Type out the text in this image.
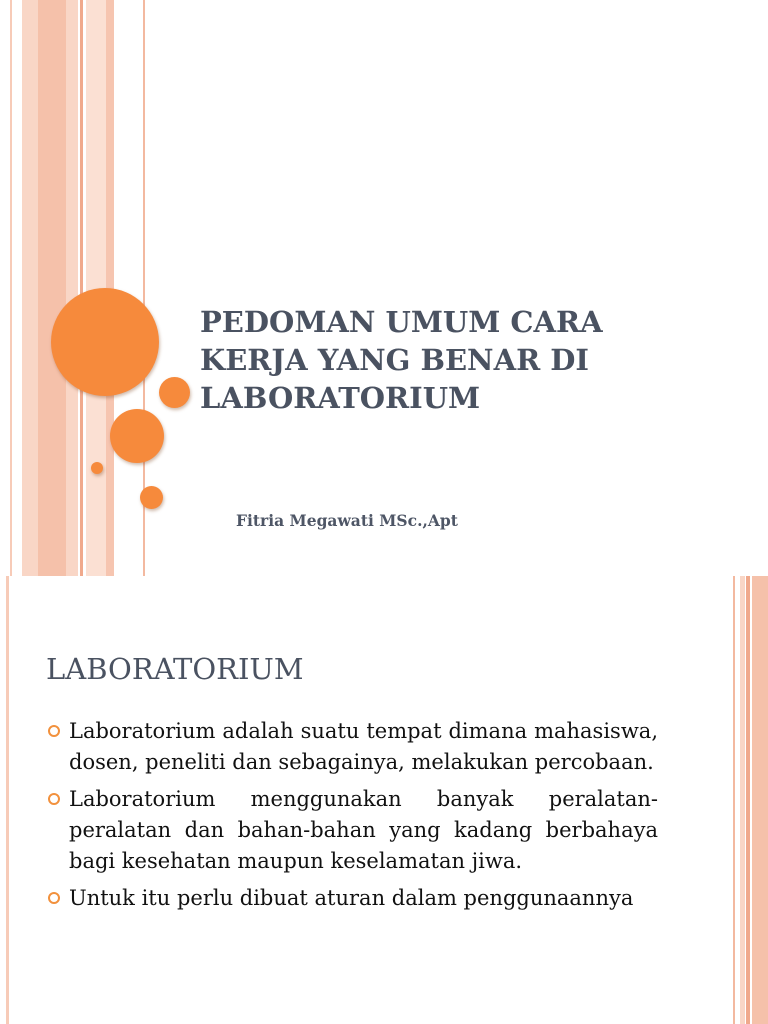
PEDOMAN UMUM CARA KERJA YANG BENAR DI LABORATORIUM
Fitria Megawati MSc.,Apt
LABORATORIUM
Laboratorium adalah suatu tempat dimana mahasiswa, dosen, peneliti dan sebagainya, melakukan percobaan.
Laboratorium menggunakan banyak peralatan-peralatan dan bahan-bahan yang kadang berbahaya bagi kesehatan maupun keselamatan jiwa.
Untuk itu perlu dibuat aturan dalam penggunaannya
